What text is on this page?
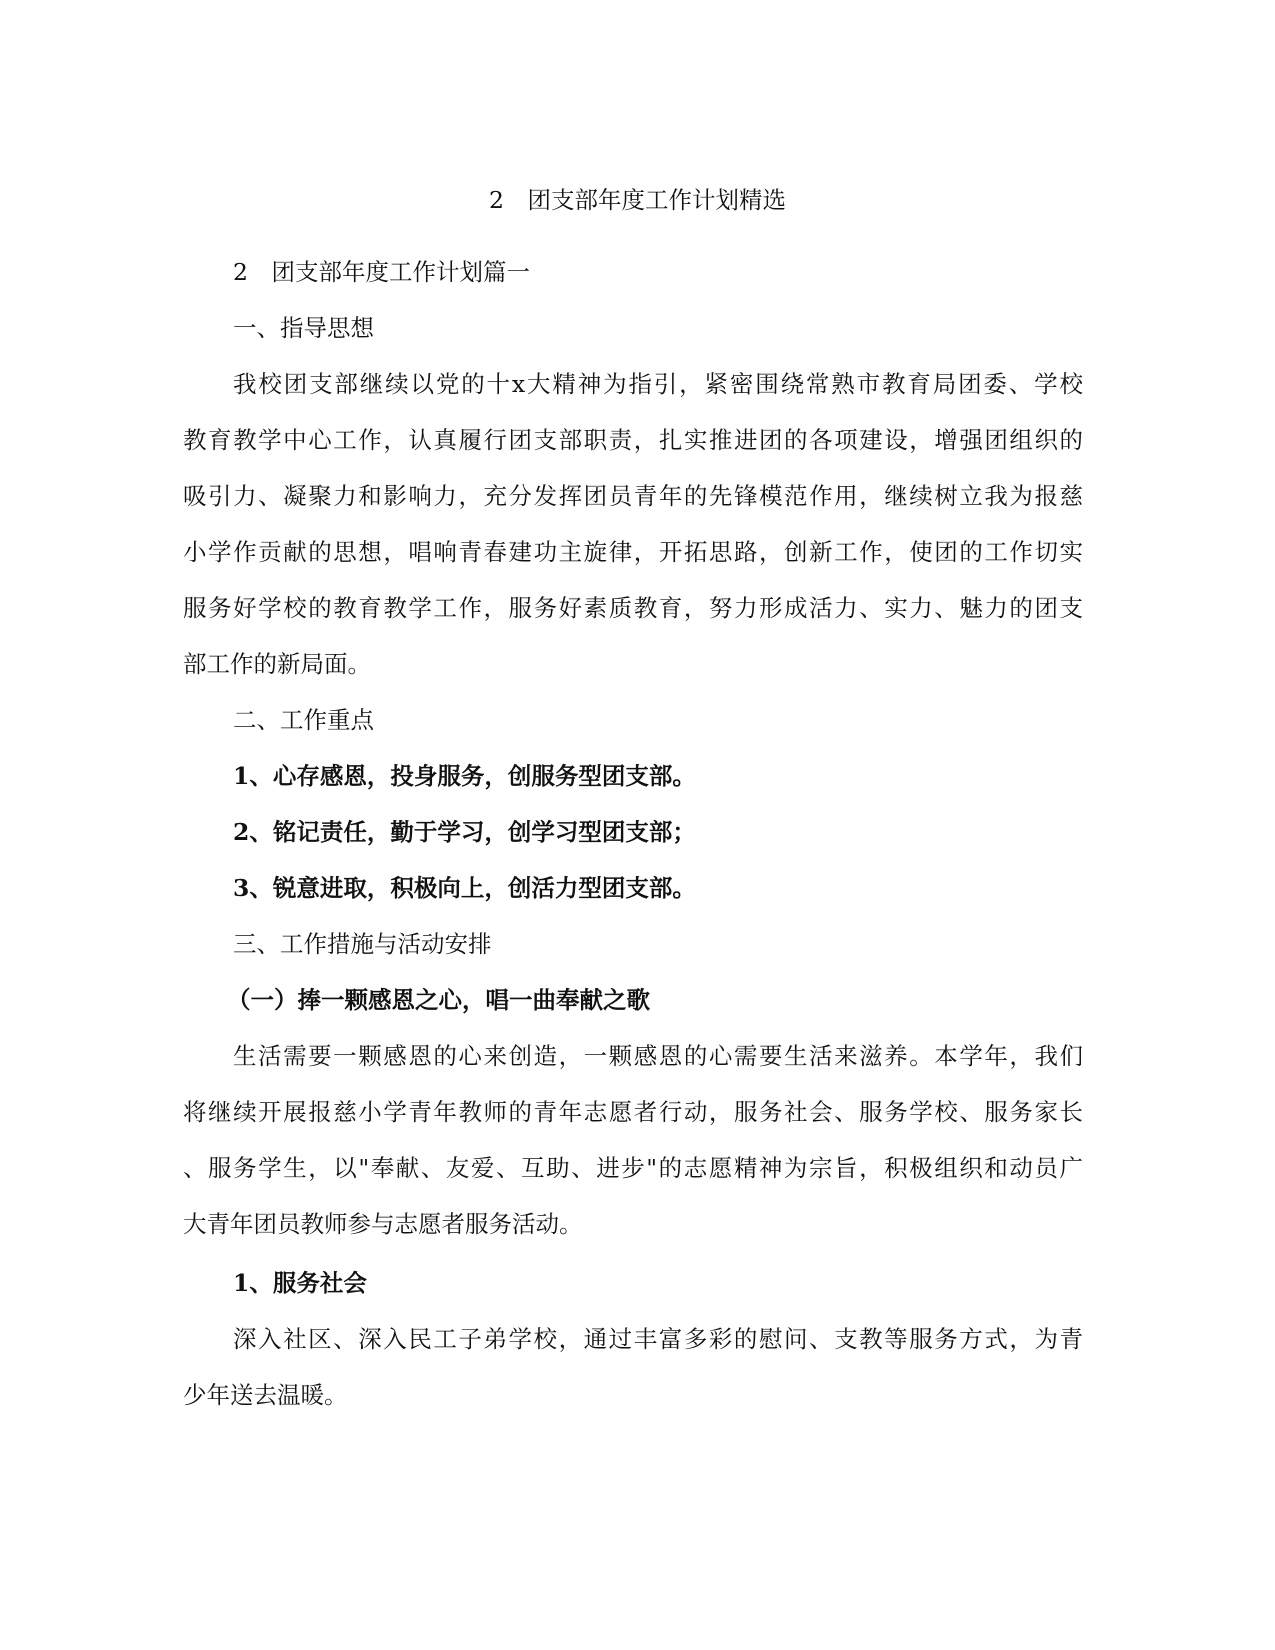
2　团支部年度工作计划精选
2　团支部年度工作计划篇一
一、指导思想
我校团支部继续以党的十x大精神为指引，紧密围绕常熟市教育局团委、学校
教育教学中心工作，认真履行团支部职责，扎实推进团的各项建设，增强团组织的
吸引力、凝聚力和影响力，充分发挥团员青年的先锋模范作用，继续树立我为报慈
小学作贡献的思想，唱响青春建功主旋律，开拓思路，创新工作，使团的工作切实
服务好学校的教育教学工作，服务好素质教育，努力形成活力、实力、魅力的团支
部工作的新局面。
二、工作重点
1、心存感恩，投身服务，创服务型团支部。
2、铭记责任，勤于学习，创学习型团支部；
3、锐意进取，积极向上，创活力型团支部。
三、工作措施与活动安排
（一）捧一颗感恩之心，唱一曲奉献之歌
生活需要一颗感恩的心来创造，一颗感恩的心需要生活来滋养。本学年，我们
将继续开展报慈小学青年教师的青年志愿者行动，服务社会、服务学校、服务家长
、服务学生，以"奉献、友爱、互助、进步"的志愿精神为宗旨，积极组织和动员广
大青年团员教师参与志愿者服务活动。
1、服务社会
深入社区、深入民工子弟学校，通过丰富多彩的慰问、支教等服务方式，为青
少年送去温暖。
